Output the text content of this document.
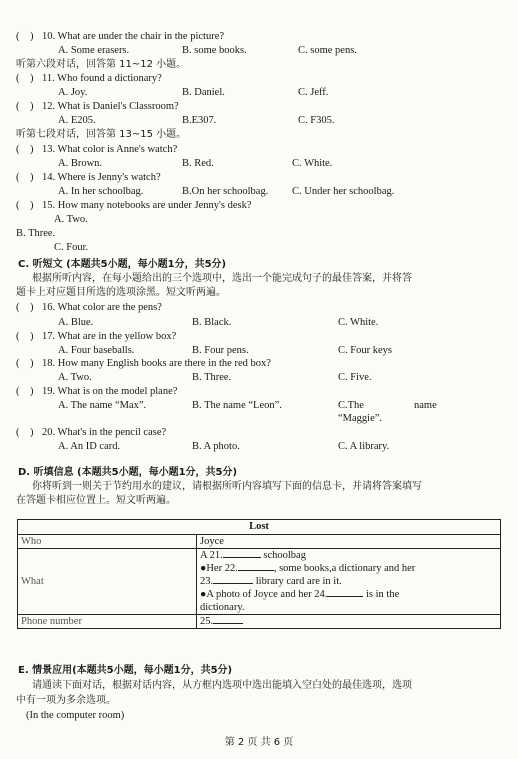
( ) 10. What are under the chair in the picture?
A. Some erasers.	B. some books.	C. some pens.
听第六段对话，回答第 11~12 小题。
( ) 11. Who found a dictionary?
A. Joy.	B. Daniel.	C. Jeff.
( ) 12. What is Daniel's Classroom?
A. E205.	B.E307.	C. F305.
听第七段对话，回答第 13~15 小题。
( ) 13. What color is Anne's watch?
A. Brown.	B. Red.	C. White.
( ) 14. Where is Jenny's watch?
A. In her schoolbag.	B.On her schoolbag. C. Under her schoolbag.
( ) 15. How many notebooks are under Jenny's desk?
A. Two.
B. Three.
C. Four.
C. 听短文 (本题共5小题，每小题1分，共5分)
根据所听内容，在每小题给出的三个选项中，选出一个能完成句子的最佳答案，并将答
题卡上对应题目所选的选项涂黑。短文听两遍。
( ) 16. What color are the pens?
A. Blue.	B. Black.	C. White.
( ) 17. What are in the yellow box?
A. Four baseballs.	B. Four pens.	C. Four keys
( ) 18. How many English books are there in the red box?
A. Two.	B. Three.	C. Five.
( ) 19. What is on the model plane?
A. The name “Max”.	B. The name “Leon”.	C.The	name
“Maggie”.
( ) 20. What's in the pencil case?
A. An ID card.	B. A photo.	C. A library.
D. 听填信息 (本题共5小题，每小题1分，共5分)
你将听到一则关于节约用水的建议，请根据所听内容填写下面的信息卡，并请将答案填写
在答题卡相应位置上。短文听两遍。
Lost	
Who	Joyce
What	A 21. schoolbag
●Her 22. , some books,a dictionary and her
23. library card are in it.
●A photo of Joyce and her 24. is in the
dictionary.

Phone number	25.
E. 情景应用(本题共5小题，每小题1分，共5分)
请通读下面对话，根据对话内容，从方框内选项中选出能填入空白处的最佳选项，选项
中有一项为多余选项。
(In the computer room)
第 2 页 共 6 页
